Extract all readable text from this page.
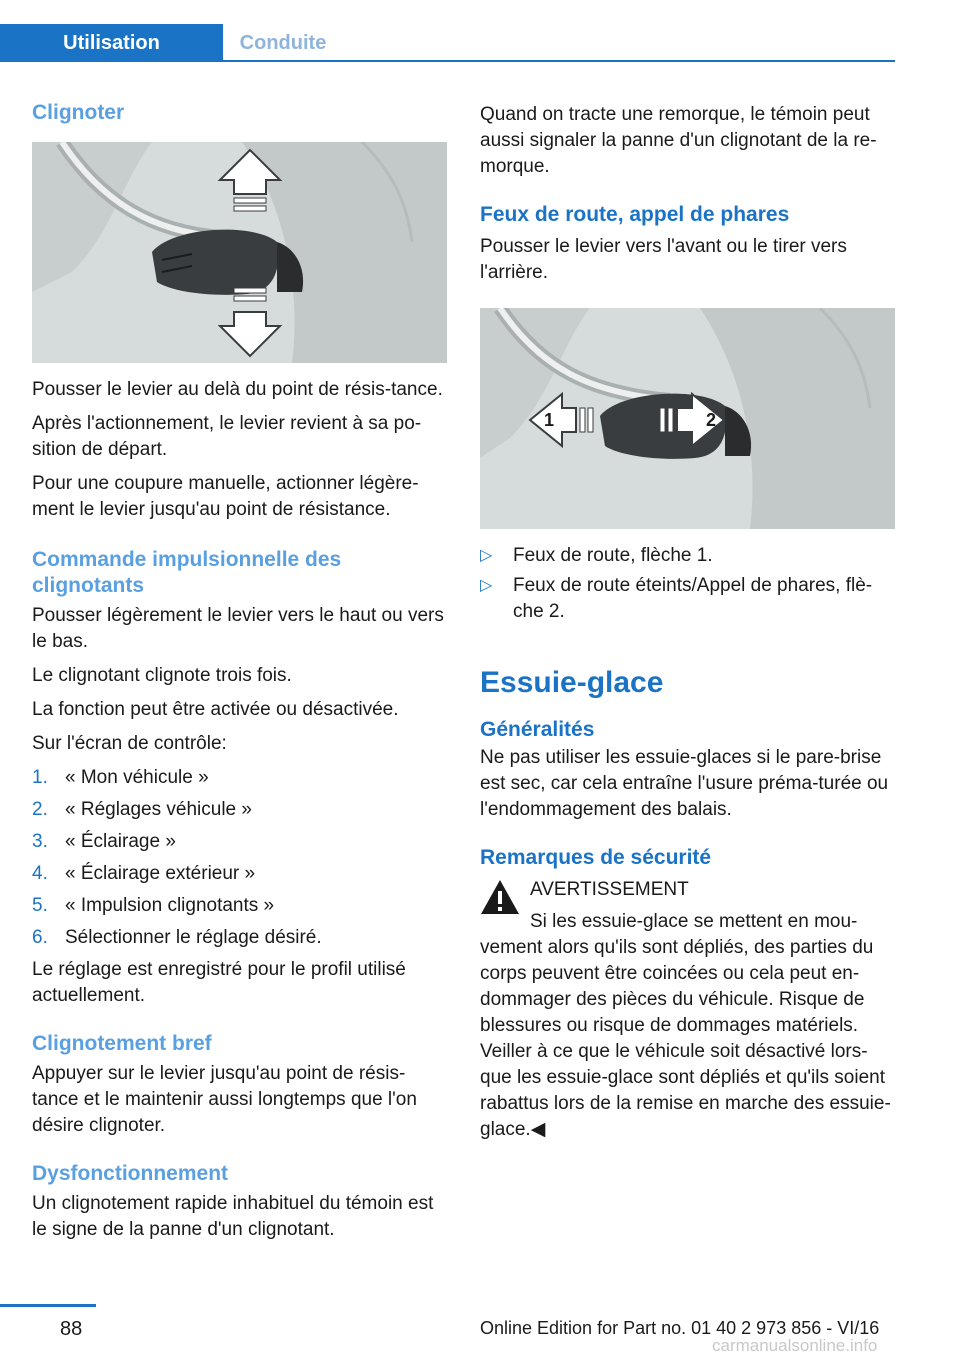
Utilisation	Conduite
Clignoter

Pousser le levier au delà du point de résis-tance.

Après l'actionnement, le levier revient à sa po-sition de départ.

Pour une coupure manuelle, actionner légère-ment le levier jusqu'au point de résistance.

Commande impulsionnelle des clignotants

Pousser légèrement le levier vers le haut ou vers le bas.

Le clignotant clignote trois fois.

La fonction peut être activée ou désactivée.

Sur l'écran de contrôle:

1. « Mon véhicule »
2. « Réglages véhicule »
3. « Éclairage »
4. « Éclairage extérieur »
5. « Impulsion clignotants »
6. Sélectionner le réglage désiré.

Le réglage est enregistré pour le profil utilisé actuellement.

Clignotement bref

Appuyer sur le levier jusqu'au point de résis-tance et le maintenir aussi longtemps que l'on désire clignoter.

Dysfonctionnement

Un clignotement rapide inhabituel du témoin est le signe de la panne d'un clignotant.

Quand on tracte une remorque, le témoin peut aussi signaler la panne d'un clignotant de la re-morque.

Feux de route, appel de phares

Pousser le levier vers l'avant ou le tirer vers l'arrière.

1	2
▷ Feux de route, flèche 1.
▷ Feux de route éteints/Appel de phares, flè-che 2.
Essuie-glace
Généralités

Ne pas utiliser les essuie-glaces si le pare-brise est sec, car cela entraîne l'usure préma-turée ou l'endommagement des balais.

Remarques de sécurité
AVERTISSEMENT
Si les essuie-glace se mettent en mou-

vement alors qu'ils sont dépliés, des parties du corps peuvent être coincées ou cela peut en-dommager des pièces du véhicule. Risque de blessures ou risque de dommages matériels. Veiller à ce que le véhicule soit désactivé lors-que les essuie-glace sont dépliés et qu'ils soient rabattus lors de la remise en marche des essuie-glace.◀

88	Online Edition for Part no. 01 40 2 973 856 - VI/16
carmanualsonline.info
